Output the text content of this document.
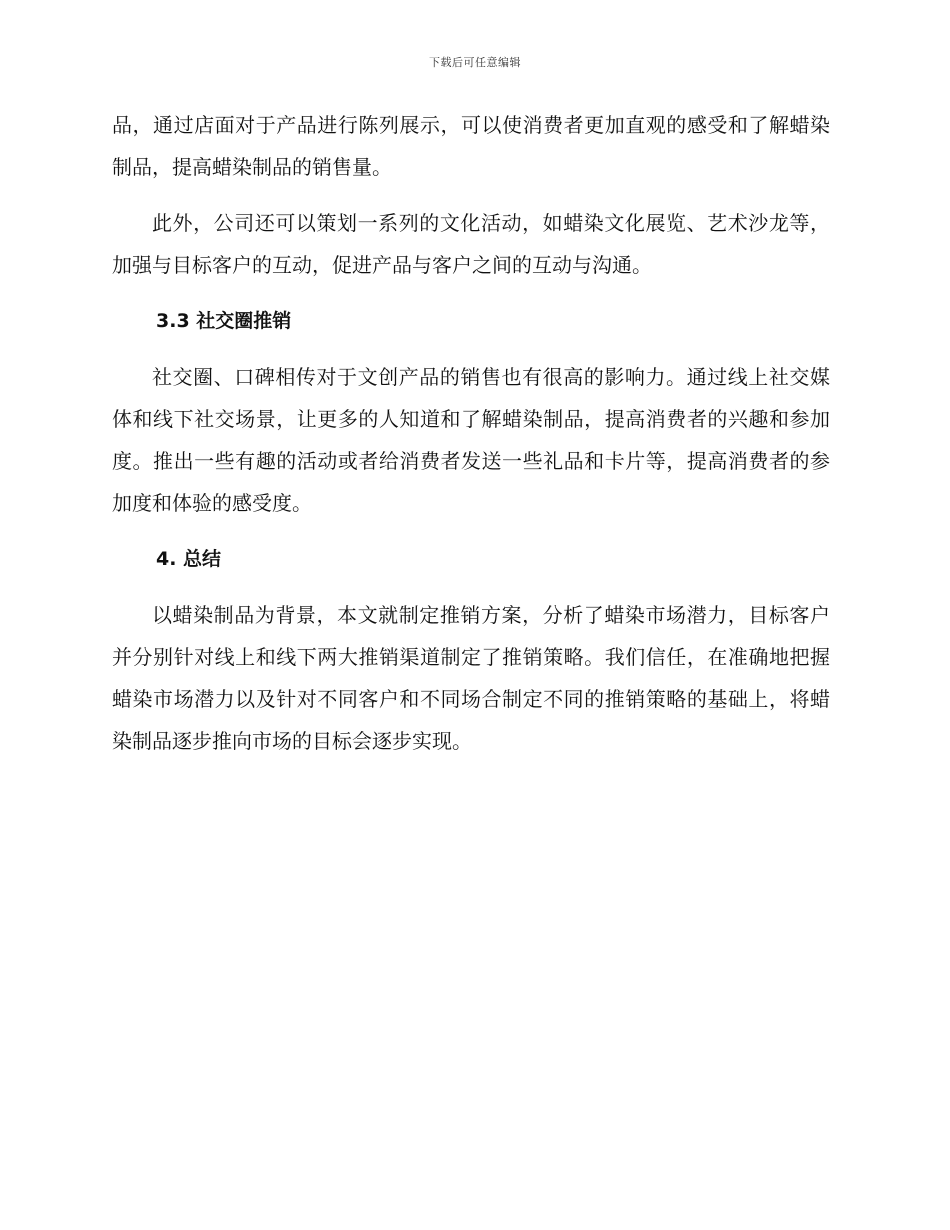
下载后可任意编辑

品，通过店面对于产品进行陈列展示，可以使消费者更加直观的感受和了解蜡染制品，提高蜡染制品的销售量。

此外，公司还可以策划一系列的文化活动，如蜡染文化展览、艺术沙龙等，加强与目标客户的互动，促进产品与客户之间的互动与沟通。

3.3 社交圈推销

社交圈、口碑相传对于文创产品的销售也有很高的影响力。通过线上社交媒体和线下社交场景，让更多的人知道和了解蜡染制品，提高消费者的兴趣和参加度。推出一些有趣的活动或者给消费者发送一些礼品和卡片等，提高消费者的参加度和体验的感受度。

4. 总结

以蜡染制品为背景，本文就制定推销方案，分析了蜡染市场潜力，目标客户并分别针对线上和线下两大推销渠道制定了推销策略。我们信任，在准确地把握蜡染市场潜力以及针对不同客户和不同场合制定不同的推销策略的基础上，将蜡染制品逐步推向市场的目标会逐步实现。
